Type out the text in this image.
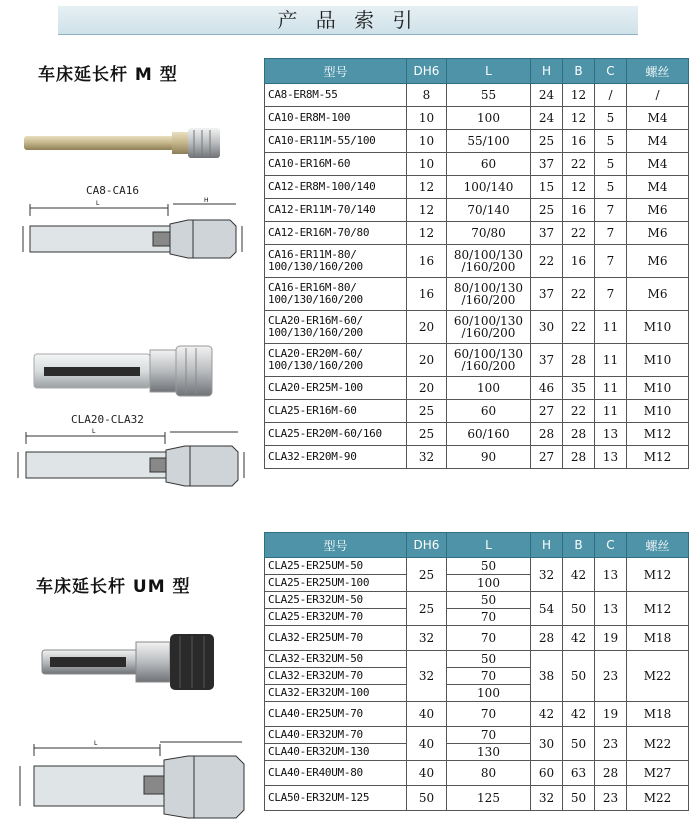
产 品 索 引
车床延长杆 M 型
CA8-CA16
L	H
CLA20-CLA32
L
车床延长杆 UM 型
L
型号	DH6	L	H	B	C	螺丝
CA8-ER8M-55	8	55	24	12	/	/
CA10-ER8M-100	10	100	24	12	5	M4
CA10-ER11M-55/100	10	55/100	25	16	5	M4
CA10-ER16M-60	10	60	37	22	5	M4
CA12-ER8M-100/140	12	100/140	15	12	5	M4
CA12-ER11M-70/140	12	70/140	25	16	7	M6
CA12-ER16M-70/80	12	70/80	37	22	7	M6
CA16-ER11M-80/ 100/130/160/200	16	80/100/130 /160/200	22	16	7	M6
CA16-ER16M-80/ 100/130/160/200	16	80/100/130 /160/200	37	22	7	M6
CLA20-ER16M-60/ 100/130/160/200	20	60/100/130 /160/200	30	22	11	M10
CLA20-ER20M-60/ 100/130/160/200	20	60/100/130 /160/200	37	28	11	M10
CLA20-ER25M-100	20	100	46	35	11	M10
CLA25-ER16M-60	25	60	27	22	11	M10
CLA25-ER20M-60/160	25	60/160	28	28	13	M12
CLA32-ER20M-90	32	90	27	28	13	M12
型号	DH6	L	H	B	C	螺丝
CLA25-ER25UM-50	25	50	32	42	13	M12
CLA25-ER25UM-100		100				
CLA25-ER32UM-50	25	50	54	50	13	M12
CLA25-ER32UM-70		70				
CLA32-ER25UM-70	32	70	28	42	19	M18
CLA32-ER32UM-50	32	50	38	50	23	M22
CLA32-ER32UM-70		70				
CLA32-ER32UM-100		100				
CLA40-ER25UM-70	40	70	42	42	19	M18
CLA40-ER32UM-70	40	70	30	50	23	M22
CLA40-ER32UM-130		130				
CLA40-ER40UM-80	40	80	60	63	28	M27
CLA50-ER32UM-125	50	125	32	50	23	M22
